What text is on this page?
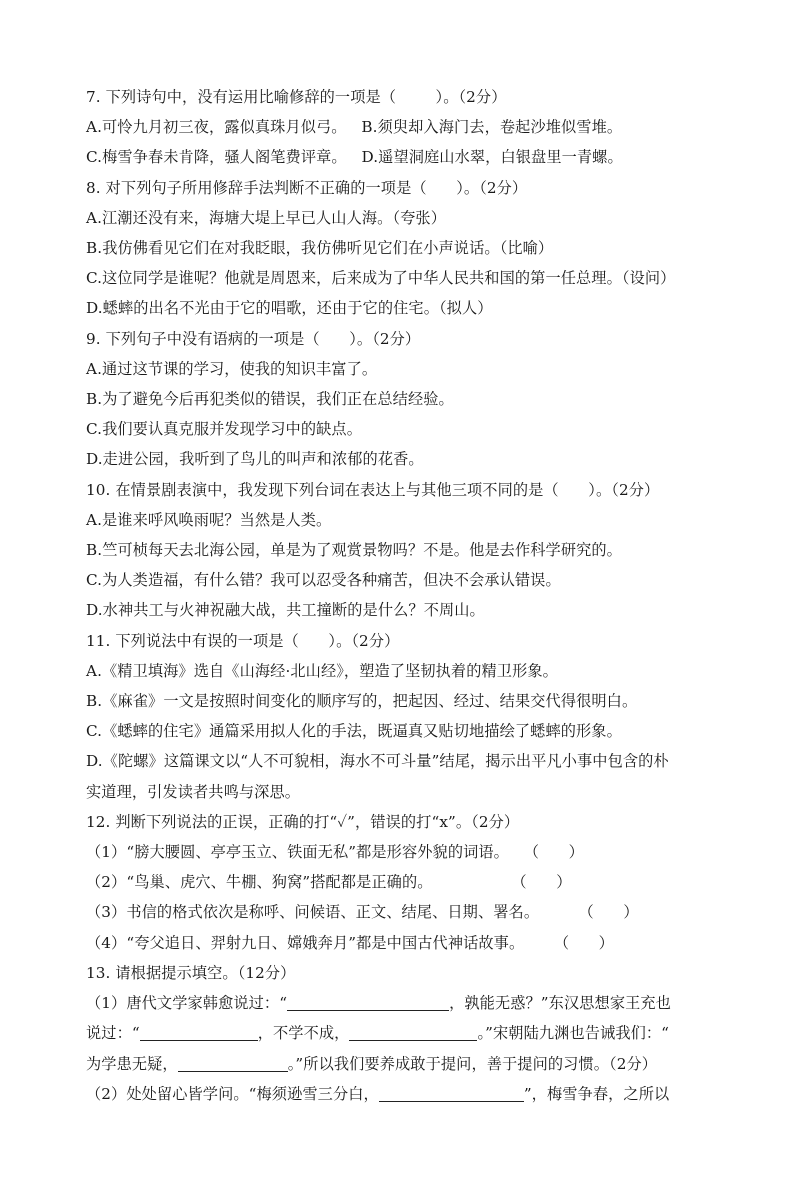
7. 下列诗句中，没有运用比喻修辞的一项是（        ）。（2分）
A.可怜九月初三夜，露似真珠月似弓。   B.须臾却入海门去，卷起沙堆似雪堆。
C.梅雪争春未肯降，骚人阁笔费评章。   D.遥望洞庭山水翠，白银盘里一青螺。
8. 对下列句子所用修辞手法判断不正确的一项是（      ）。（2分）
A.江潮还没有来，海塘大堤上早已人山人海。（夸张）
B.我仿佛看见它们在对我眨眼，我仿佛听见它们在小声说话。（比喻）
C.这位同学是谁呢？他就是周恩来，后来成为了中华人民共和国的第一任总理。（设问）
D.蟋蟀的出名不光由于它的唱歌，还由于它的住宅。（拟人）
9. 下列句子中没有语病的一项是（      ）。（2分）
A.通过这节课的学习，使我的知识丰富了。
B.为了避免今后再犯类似的错误，我们正在总结经验。
C.我们要认真克服并发现学习中的缺点。
D.走进公园，我听到了鸟儿的叫声和浓郁的花香。
10. 在情景剧表演中，我发现下列台词在表达上与其他三项不同的是（      ）。（2分）
A.是谁来呼风唤雨呢？当然是人类。
B.竺可桢每天去北海公园，单是为了观赏景物吗？不是。他是去作科学研究的。
C.为人类造福，有什么错？我可以忍受各种痛苦，但决不会承认错误。
D.水神共工与火神祝融大战，共工撞断的是什么？不周山。
11. 下列说法中有误的一项是（      ）。（2分）
A.《精卫填海》选自《山海经·北山经》，塑造了坚韧执着的精卫形象。
B.《麻雀》一文是按照时间变化的顺序写的，把起因、经过、结果交代得很明白。
C.《蟋蟀的住宅》通篇采用拟人化的手法，既逼真又贴切地描绘了蟋蟀的形象。
D.《陀螺》这篇课文以“人不可貌相，海水不可斗量”结尾，揭示出平凡小事中包含的朴
实道理，引发读者共鸣与深思。
12. 判断下列说法的正误，正确的打“✓”，错误的打“x”。（2分）
（1）“膀大腰圆、亭亭玉立、铁面无私”都是形容外貌的词语。   （      ）
（2）“鸟巢、虎穴、牛棚、狗窝”搭配都是正确的。                （      ）
（3）书信的格式依次是称呼、问候语、正文、结尾、日期、署名。        （      ）
（4）“夸父追日、羿射九日、嫦娥奔月”都是中国古代神话故事。      （      ）
13. 请根据提示填空。（12分）
（1）唐代文学家韩愈说过：“	，孰能无惑？”东汉思想家王充也
说过：“	，不学不成，	。”宋朝陆九渊也告诫我们：“
为学患无疑，	。”所以我们要养成敢于提问，善于提问的习惯。（2分）
（2）处处留心皆学问。“梅须逊雪三分白，	”，梅雪争春，之所以
